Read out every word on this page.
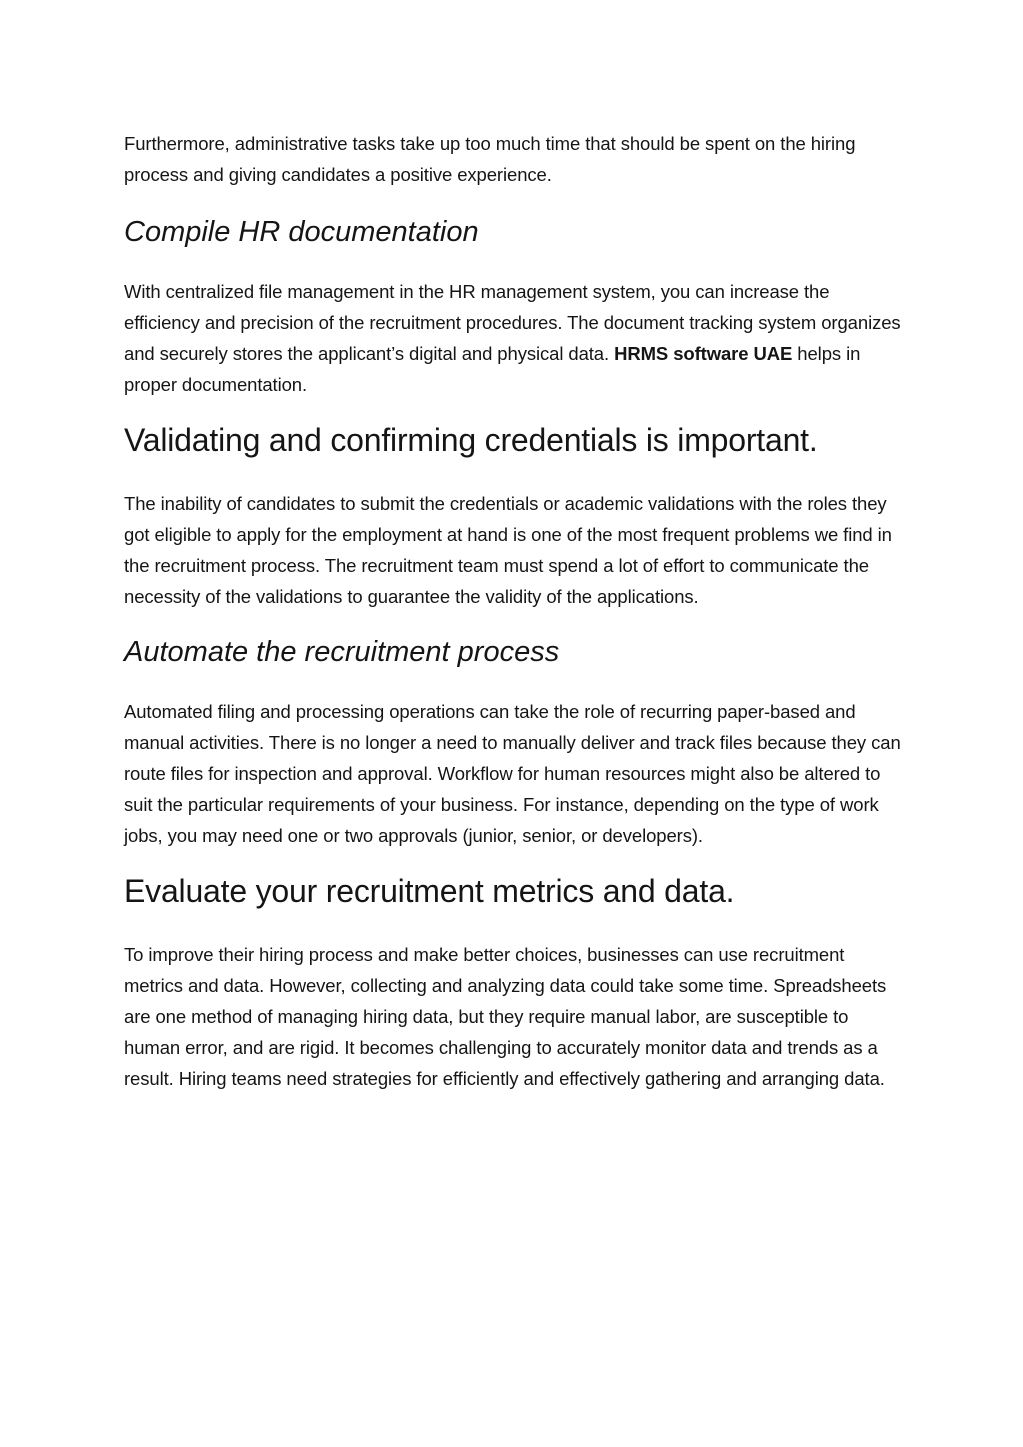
Furthermore, administrative tasks take up too much time that should be spent on the hiring process and giving candidates a positive experience.

Compile HR documentation

With centralized file management in the HR management system, you can increase the efficiency and precision of the recruitment procedures. The document tracking system organizes and securely stores the applicant’s digital and physical data. HRMS software UAE helps in proper documentation.

Validating and confirming credentials is important.

The inability of candidates to submit the credentials or academic validations with the roles they got eligible to apply for the employment at hand is one of the most frequent problems we find in the recruitment process. The recruitment team must spend a lot of effort to communicate the necessity of the validations to guarantee the validity of the applications.

Automate the recruitment process

Automated filing and processing operations can take the role of recurring paper-based and manual activities. There is no longer a need to manually deliver and track files because they can route files for inspection and approval. Workflow for human resources might also be altered to suit the particular requirements of your business. For instance, depending on the type of work jobs, you may need one or two approvals (junior, senior, or developers).

Evaluate your recruitment metrics and data.

To improve their hiring process and make better choices, businesses can use recruitment metrics and data. However, collecting and analyzing data could take some time. Spreadsheets are one method of managing hiring data, but they require manual labor, are susceptible to human error, and are rigid. It becomes challenging to accurately monitor data and trends as a result. Hiring teams need strategies for efficiently and effectively gathering and arranging data.
